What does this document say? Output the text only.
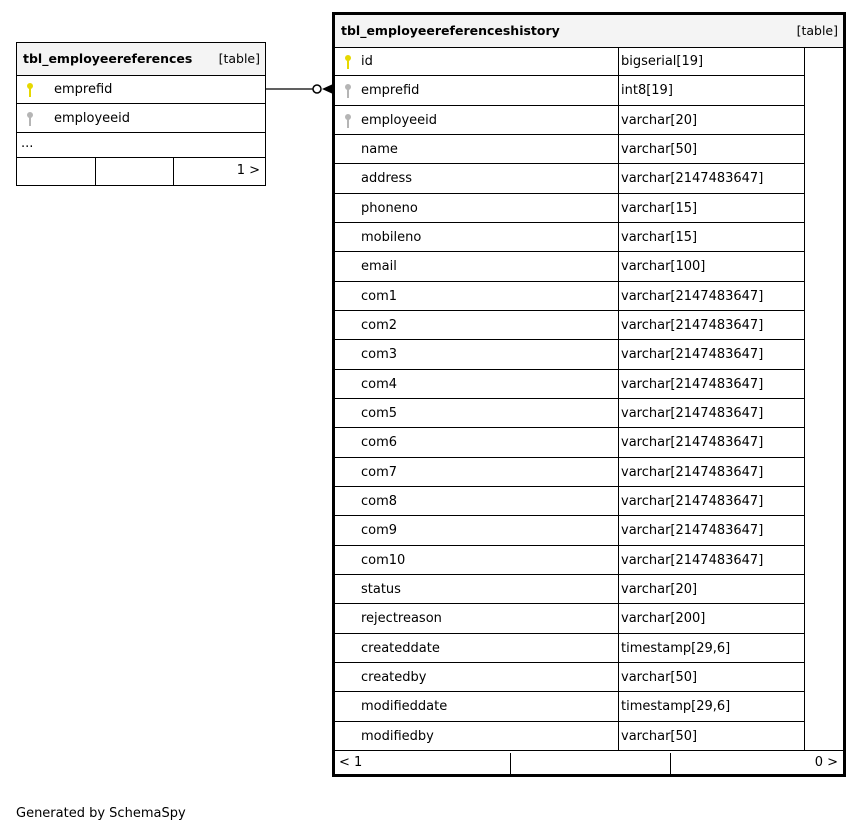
tbl_employeereferences [table]
emprefid
employeeid
...
1 >
tbl_employeereferenceshistory	[table]
< 1	0 >
id	bigserial[19]
emprefid	int8[19]
employeeid	varchar[20]
name	varchar[50]
address	varchar[2147483647]
phoneno	varchar[15]
mobileno	varchar[15]
email	varchar[100]
com1	varchar[2147483647]
com2	varchar[2147483647]
com3	varchar[2147483647]
com4	varchar[2147483647]
com5	varchar[2147483647]
com6	varchar[2147483647]
com7	varchar[2147483647]
com8	varchar[2147483647]
com9	varchar[2147483647]
com10	varchar[2147483647]
status	varchar[20]
rejectreason	varchar[200]
createddate	timestamp[29,6]
createdby	varchar[50]
modifieddate	timestamp[29,6]
modifiedby	varchar[50]
Generated by SchemaSpy
